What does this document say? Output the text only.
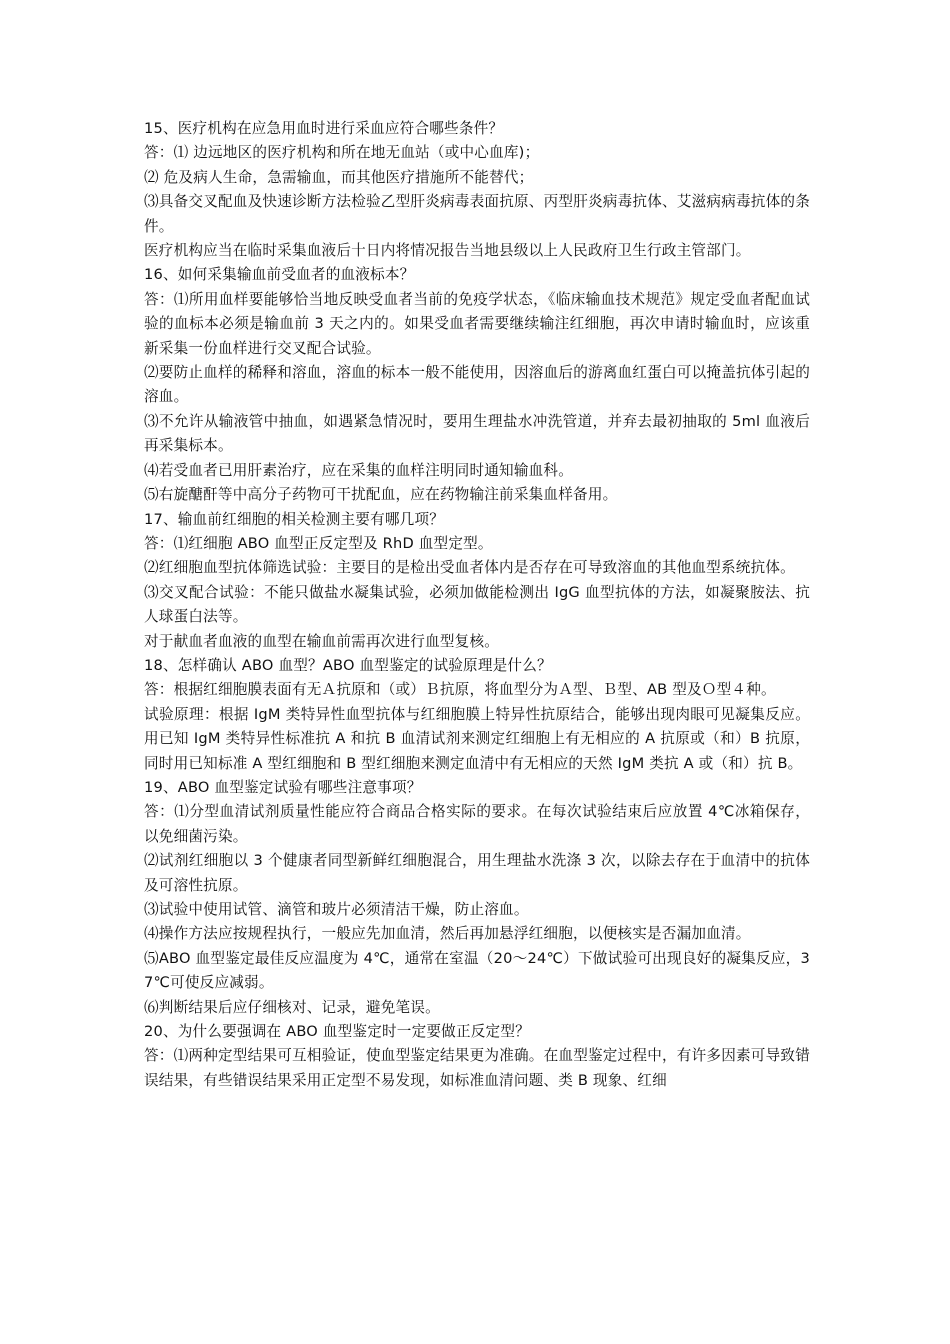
15、医疗机构在应急用血时进行采血应符合哪些条件？

答：⑴ 边远地区的医疗机构和所在地无血站（或中心血库)；

⑵ 危及病人生命，急需输血，而其他医疗措施所不能替代；

⑶具备交叉配血及快速诊断方法检验乙型肝炎病毒表面抗原、丙型肝炎病毒抗体、艾滋病病毒抗体的条件。

医疗机构应当在临时采集血液后十日内将情况报告当地县级以上人民政府卫生行政主管部门。

16、如何采集输血前受血者的血液标本？

答：⑴所用血样要能够恰当地反映受血者当前的免疫学状态，《临床输血技术规范》规定受血者配血试验的血标本必须是输血前 3 天之内的。如果受血者需要继续输注红细胞，再次申请时输血时，应该重新采集一份血样进行交叉配合试验。

⑵要防止血样的稀释和溶血，溶血的标本一般不能使用，因溶血后的游离血红蛋白可以掩盖抗体引起的溶血。

⑶不允许从输液管中抽血，如遇紧急情况时，要用生理盐水冲洗管道，并弃去最初抽取的 5ml 血液后再采集标本。

⑷若受血者已用肝素治疗，应在采集的血样注明同时通知输血科。

⑸右旋醣酐等中高分子药物可干扰配血，应在药物输注前采集血样备用。

17、输血前红细胞的相关检测主要有哪几项？

答：⑴红细胞 ABO 血型正反定型及 RhD 血型定型。

⑵红细胞血型抗体筛选试验：主要目的是检出受血者体内是否存在可导致溶血的其他血型系统抗体。

⑶交叉配合试验：不能只做盐水凝集试验，必须加做能检测出 IgG 血型抗体的方法，如凝聚胺法、抗人球蛋白法等。

对于献血者血液的血型在输血前需再次进行血型复核。

18、怎样确认 ABO 血型？ABO 血型鉴定的试验原理是什么？

答：根据红细胞膜表面有无Ａ抗原和（或）Ｂ抗原，将血型分为Ａ型、Ｂ型、AB 型及Ｏ型４种。

试验原理：根据 IgM 类特异性血型抗体与红细胞膜上特异性抗原结合，能够出现肉眼可见凝集反应。用已知 IgM 类特异性标准抗 A 和抗 B 血清试剂来测定红细胞上有无相应的 A 抗原或（和）B 抗原，同时用已知标准 A 型红细胞和 B 型红细胞来测定血清中有无相应的天然 IgM 类抗 A 或（和）抗 B。

19、ABO 血型鉴定试验有哪些注意事项？

答：⑴分型血清试剂质量性能应符合商品合格实际的要求。在每次试验结束后应放置 4℃冰箱保存，以免细菌污染。

⑵试剂红细胞以 3 个健康者同型新鲜红细胞混合，用生理盐水洗涤 3 次，以除去存在于血清中的抗体及可溶性抗原。

⑶试验中使用试管、滴管和玻片必须清洁干燥，防止溶血。

⑷操作方法应按规程执行，一般应先加血清，然后再加悬浮红细胞，以便核实是否漏加血清。

⑸ABO 血型鉴定最佳反应温度为 4℃，通常在室温（20～24℃）下做试验可出现良好的凝集反应，37℃可使反应减弱。

⑹判断结果后应仔细核对、记录，避免笔误。

20、为什么要强调在 ABO 血型鉴定时一定要做正反定型？

答：⑴两种定型结果可互相验证，使血型鉴定结果更为准确。在血型鉴定过程中，有许多因素可导致错误结果，有些错误结果采用正定型不易发现，如标准血清问题、类 B 现象、红细
